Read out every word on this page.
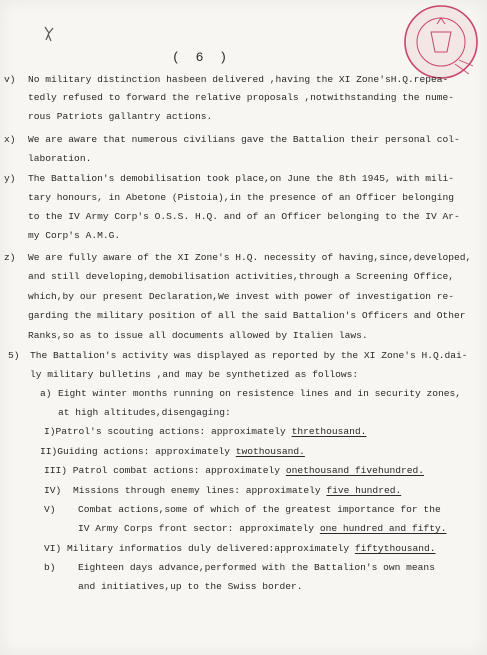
( 6 )
v) No military distinction hasbeen delivered ,having the XI Zone'sH.Q.repea-
tedly refused to forward the relative proposals ,notwithstanding the nume-
rous Patriots gallantry actions.
x) We are aware that numerous civilians gave the Battalion their personal col-
laboration.
y) The Battalion's demobilisation took place,on June the 8th 1945, with mili-
tary honours, in Abetone (Pistoia),in the presence of an Officer belonging
to the IV Army Corp's O.S.S. H.Q. and of an Officer belonging to the IV Ar-
my Corp's A.M.G.
z) We are fully aware of the XI Zone's H.Q. necessity of having,since,developed,
and still developing,demobilisation activities,through a Screening Office,
which,by our present Declaration,We invest with power of investigation re-
garding the military position of all the said Battalion's Officers and Other
Ranks,so as to issue all documents allowed by Italien laws.
5) The Battalion's activity was displayed as reported by the XI Zone's H.Q.dai-
ly military bulletins ,and may be synthetized as follows:
a) Eight winter months running on resistence lines and in security zones,
at high altitudes,disengaging:
I)Patrol's scouting actions: approximately threthousand.
II)Guiding actions: approximately twothousand.
III) Patrol combat actions: approximately onethousand fivehundred.
IV) Missions through enemy lines: approximately five hundred.
V) Combat actions,some of which of the greatest importance for the
IV Army Corps front sector: approximately one hundred and fifty.
VI) Military informatios duly delivered:approximately fiftythousand.
b) Eighteen days advance,performed with the Battalion's own means
and initiatives,up to the Swiss border.
